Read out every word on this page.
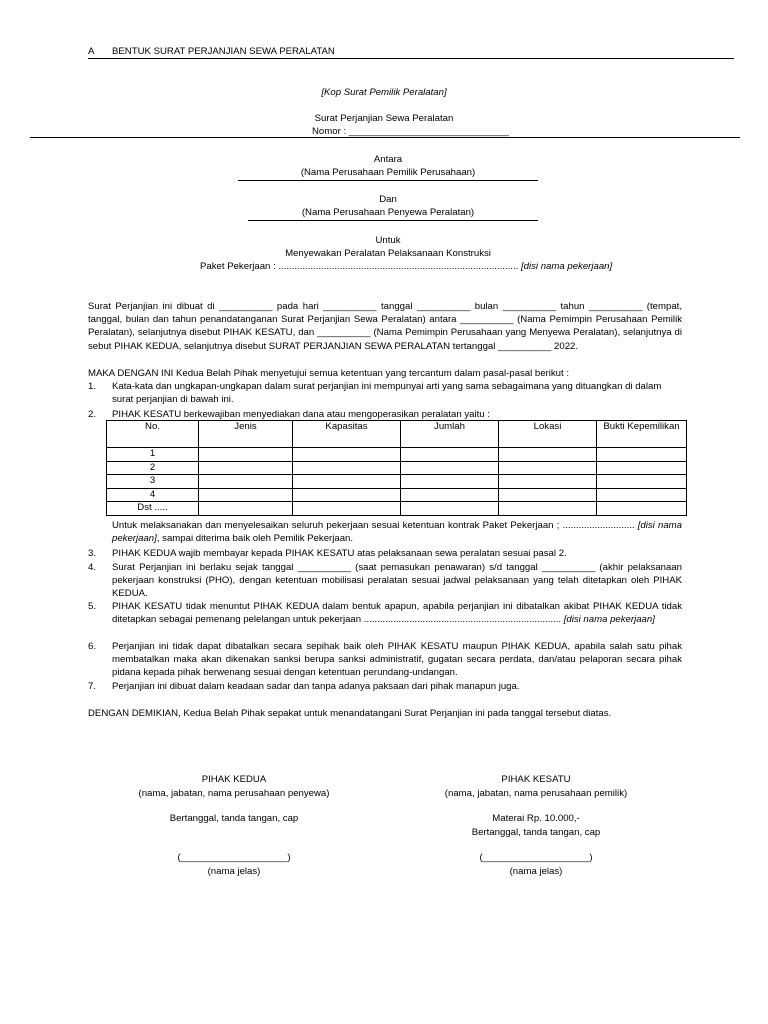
A BENTUK SURAT PERJANJIAN SEWA PERALATAN
[Kop Surat Pemilik Peralatan]
Surat Perjanjian Sewa Peralatan
Nomor : ______________________________
Antara
(Nama Perusahaan Pemilik Perusahaan)
Dan
(Nama Perusahaan Penyewa Peralatan)
Untuk
Menyewakan Peralatan Pelaksanaan Konstruksi
Paket Pekerjaan : .......................................................................................... [disi nama pekerjaan]
Surat Perjanjian ini dibuat di __________ pada hari __________ tanggal __________ bulan __________ tahun __________ (tempat, tanggal, bulan dan tahun penandatanganan Surat Perjanjian Sewa Peralatan) antara __________ (Nama Pemimpin Perusahaan Pemilik Peralatan), selanjutnya disebut PIHAK KESATU, dan __________ (Nama Pemimpin Perusahaan yang Menyewa Peralatan), selanjutnya di sebut PIHAK KEDUA, selanjutnya disebut SURAT PERJANJIAN SEWA PERALATAN tertanggal __________ 2022.
MAKA DENGAN INI Kedua Belah Pihak menyetujui semua ketentuan yang tercantum dalam pasal-pasal berikut :
1.	Kata-kata dan ungkapan-ungkapan dalam surat perjanjian ini mempunyai arti yang sama sebagaimana yang dituangkan di dalam surat perjanjian di bawah ini.
2.	PIHAK KESATU berkewajiban menyediakan dana atau mengoperasikan peralatan yaitu :
No.	Jenis	Kapasitas	Jumlah	Lokasi	Bukti Kepemilikan
1					
2					
3					
4					
Dst .....					
Untuk melaksanakan dan menyelesaikan seluruh pekerjaan sesuai ketentuan kontrak Paket Pekerjaan ; ........................... [disi nama pekerjaan], sampai diterima baik oleh Pemilik Pekerjaan.
3.	PIHAK KEDUA wajib membayar kepada PIHAK KESATU atas pelaksanaan sewa peralatan sesuai pasal 2.
4.	Surat Perjanjian ini berlaku sejak tanggal __________ (saat pemasukan penawaran) s/d tanggal __________ (akhir pelaksanaan pekerjaan konstruksi (PHO), dengan ketentuan mobilisasi peralatan sesuai jadwal pelaksanaan yang telah ditetapkan oleh PIHAK KEDUA.
5.	PIHAK KESATU tidak menuntut PIHAK KEDUA dalam bentuk apapun, apabila perjanjian ini dibatalkan akibat PIHAK KEDUA tidak ditetapkan sebagai pemenang pelelangan untuk pekerjaan .......................................................................... [disi nama pekerjaan]
6.	Perjanjian ini tidak dapat dibatalkan secara sepihak baik oleh PIHAK KESATU maupun PIHAK KEDUA, apabila salah satu pihak membatalkan maka akan dikenakan sanksi berupa sanksi administratif, gugatan secara perdata, dan/atau pelaporan secara pihak pidana kepada pihak berwenang sesuai dengan ketentuan perundang-undangan.
7.	Perjanjian ini dibuat dalam keadaan sadar dan tanpa adanya paksaan dari pihak manapun juga.
DENGAN DEMIKIAN, Kedua Belah Pihak sepakat untuk menandatangani Surat Perjanjian ini pada tanggal tersebut diatas.
PIHAK KEDUA
(nama, jabatan, nama perusahaan penyewa)
Bertanggal, tanda tangan, cap
(____________________)
(nama jelas)
PIHAK KESATU
(nama, jabatan, nama perusahaan pemilik)
Materai Rp. 10.000,-
Bertanggal, tanda tangan, cap
(____________________)
(nama jelas)
